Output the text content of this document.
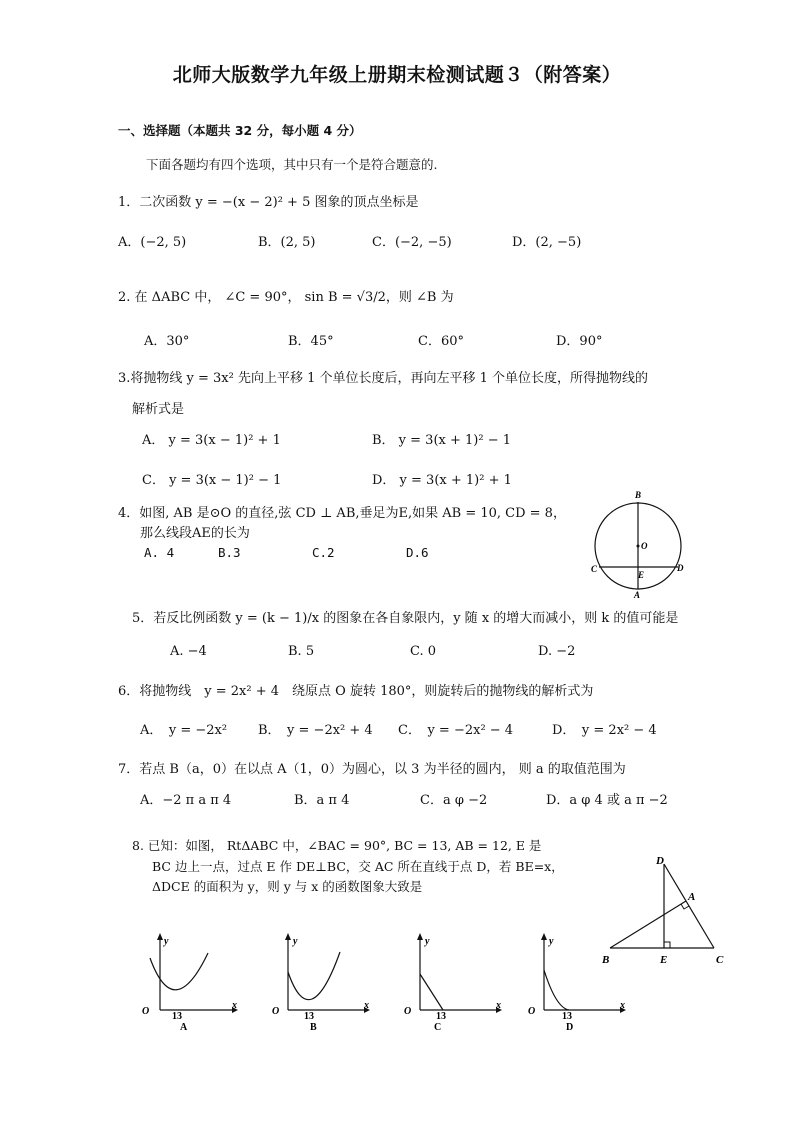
北师大版数学九年级上册期末检测试题３（附答案）
一、选择题（本题共 32 分，每小题 4 分）
下面各题均有四个选项，其中只有一个是符合题意的.
1．二次函数 y = −(x − 2)² + 5 图象的顶点坐标是
A．(−2, 5)	B．(2, 5)	C．(−2, −5)	D．(2, −5)
2. 在 ΔABC 中， ∠C = 90°， sin B = √3/2，则 ∠B 为
A．30°	B．45°	C．60°	D．90°
3.将抛物线 y = 3x² 先向上平移 1 个单位长度后，再向左平移 1 个单位长度，所得抛物线的
解析式是
A． y = 3(x − 1)² + 1	B． y = 3(x + 1)² − 1
C． y = 3(x − 1)² − 1	D． y = 3(x + 1)² + 1
4．如图, AB 是⊙O 的直径,弦 CD ⊥ AB,垂足为E,如果 AB = 10, CD = 8，
那么线段AE的长为
A. 4	B.3	C.2	D.6
B
O
C
E
D
A
5．若反比例函数 y = (k − 1)/x 的图象在各自象限内，y 随 x 的增大而减小，则 k 的值可能是
A. −4	B. 5	C. 0	D. −2
6．将抛物线　y = 2x² + 4　绕原点 O 旋转 180°，则旋转后的抛物线的解析式为
A．　y = −2x² B．　y = −2x² + 4 C．　y = −2x² − 4	D．　y = 2x² − 4
7．若点 B（a，0）在以点 A（1，0）为圆心，以 3 为半径的圆内， 则 a 的取值范围为
A．−2 π a π 4	B．a π 4	C．a φ −2	D．a φ 4 或 a π −2
8. 已知：如图， RtΔABC 中，∠BAC = 90°, BC = 13, AB = 12, E 是
BC 边上一点，过点 E 作 DE⊥BC，交 AC 所在直线于点 D，若 BE=x，
ΔDCE 的面积为 y，则 y 与 x 的函数图象大致是
D
A
B	E	C
y
x
O 13
A
y
x
O 13
B
y
x
O 13
C
y
x
O	13
D
